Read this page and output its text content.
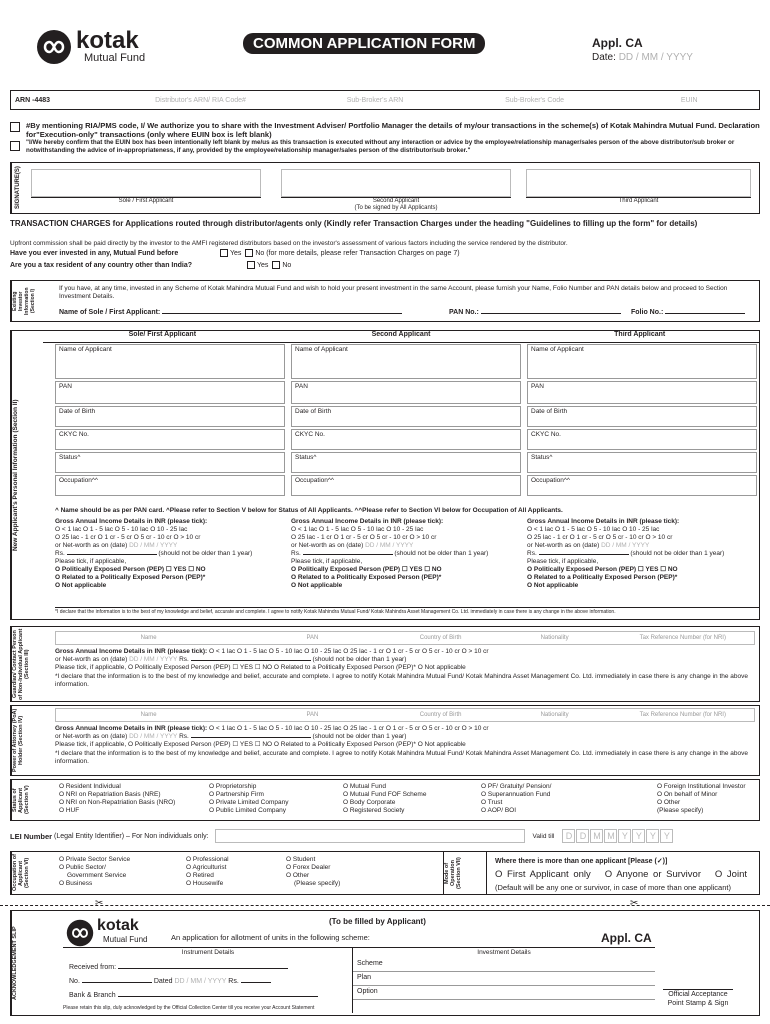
kotak
Mutual Fund
COMMON APPLICATION FORM	Appl. CA
Date: DD / MM / YYYY
ARN -4483	Distributor's ARN/ RIA Code#	Sub-Broker's ARN	Sub-Broker's Code	EUIN
#By mentioning RIA/PMS code, I/ We authorize you to share with the Investment Adviser/ Portfolio Manager the details of my/our transactions in the scheme(s) of Kotak Mahindra Mutual Fund. Declaration for"Execution-only" transactions (only where EUIN box is left blank)
"I/We hereby confirm that the EUIN box has been intentionally left blank by me/us as this transaction is executed without any interaction or advice by the employee/relationship manager/sales person of the above distributor/sub broker or notwithstanding the advice of in-appropriateness, if any, provided by the employee/relationship manager/sales person of the distributor/sub broker."
SIGNATURE(S)	Sole / First Applicant	Second Applicant
(To be signed by All Applicants)
Third Applicant
TRANSACTION CHARGES for Applications routed through distributor/agents only (Kindly refer Transaction Charges under the heading "Guidelines to filling up the form" for details)
Upfront commission shall be paid directly by the investor to the AMFI registered distributors based on the investor's assessment of various factors including the service rendered by the distributor.
Have you ever invested in any, Mutual Fund before	Yes No (for more details, please refer Transaction Charges on page 7)
Are you a tax resident of any country other than India?	Yes No
Existing Investor Information (Section I)
If you have, at any time, invested in any Scheme of Kotak Mahindra Mutual Fund and wish to hold your present investment in the same Account, please furnish your Name, Folio Number and PAN details below and proceed to Section Investment Details.
Name of Sole / First Applicant:	PAN No.:	Folio No.:
New Applicant's Personal Information (Section II)
Sole/ First Applicant	Second Applicant	Third Applicant
Name of Applicant	Name of Applicant	Name of Applicant
PAN	PAN	PAN
Date of Birth	Date of Birth	Date of Birth
CKYC No.	CKYC No.	CKYC No.
Status^	Status^	Status^
Occupation^^	Occupation^^	Occupation^^
^ Name should be as per PAN card. ^Please refer to Section V below for Status of All Applicants. ^^Please refer to Section VI below for Occupation of All Applicants.
Gross Annual Income Details in INR (please tick):
O < 1 lac O 1 - 5 lac O 5 - 10 lac O 10 - 25 lac
O 25 lac - 1 cr O 1 cr - 5 cr O 5 cr - 10 cr O > 10 cr
or Net-worth as on (date) DD / MM / YYYY
Rs.	(should not be older than 1 year)
Please tick, if applicable,
O Politically Exposed Person (PEP) ☐ YES ☐ NO
O Related to a Politically Exposed Person (PEP)*
O Not applicable
Gross Annual Income Details in INR (please tick):
O < 1 lac O 1 - 5 lac O 5 - 10 lac O 10 - 25 lac
O 25 lac - 1 cr O 1 cr - 5 cr O 5 cr - 10 cr O > 10 cr
or Net-worth as on (date) DD / MM / YYYY
Rs.	(should not be older than 1 year)
Please tick, if applicable,
O Politically Exposed Person (PEP) ☐ YES ☐ NO
O Related to a Politically Exposed Person (PEP)*
O Not applicable
Gross Annual Income Details in INR (please tick):
O < 1 lac O 1 - 5 lac O 5 - 10 lac O 10 - 25 lac
O 25 lac - 1 cr O 1 cr - 5 cr O 5 cr - 10 cr O > 10 cr
or Net-worth as on (date) DD / MM / YYYY
Rs.	(should not be older than 1 year)
Please tick, if applicable,
O Politically Exposed Person (PEP) ☐ YES ☐ NO
O Related to a Politically Exposed Person (PEP)*
O Not applicable
*I declare that the information is to the best of my knowledge and belief, accurate and complete. I agree to notify Kotak Mahindra Mutual Fund/ Kotak Mahindra Asset Management Co. Ltd. immediately in case there is any change in the above information.
Guardian/ Contact Person of Non-Individual Applicant (Section III)
Name	PAN	Country of Birth	Nationality	Tax Reference Number (for NRI)
Gross Annual Income Details in INR (please tick): O < 1 lac O 1 - 5 lac O 5 - 10 lac O 10 - 25 lac O 25 lac - 1 cr O 1 cr - 5 cr O 5 cr - 10 cr O > 10 cr
or Net-worth as on (date) DD / MM / YYYY Rs.	(should not be older than 1 year)
Please tick, if applicable, O Politically Exposed Person (PEP) ☐ YES ☐ NO O Related to a Politically Exposed Person (PEP)* O Not applicable
*I declare that the information is to the best of my knowledge and belief, accurate and complete. I agree to notify Kotak Mahindra Mutual Fund/ Kotak Mahindra Asset Management Co. Ltd. immediately in case there is any change in the above information.
Power of Attorney (PoA) Holder (Section IV)
Name	PAN	Country of Birth	Nationality	Tax Reference Number (for NRI)
Gross Annual Income Details in INR (please tick): O < 1 lac O 1 - 5 lac O 5 - 10 lac O 10 - 25 lac O 25 lac - 1 cr O 1 cr - 5 cr O 5 cr - 10 cr O > 10 cr
or Net-worth as on (date) DD / MM / YYYY Rs.	(should not be older than 1 year)
Please tick, if applicable, O Politically Exposed Person (PEP) ☐ YES ☐ NO O Related to a Politically Exposed Person (PEP)* O Not applicable
*I declare that the information is to the best of my knowledge and belief, accurate and complete. I agree to notify Kotak Mahindra Mutual Fund/ Kotak Mahindra Asset Management Co. Ltd. immediately in case there is any change in the above information.
Status of Applicant (Section V)	O Resident Individual
O NRI on Repatriation Basis (NRE)
O NRI on Non-Repatriation Basis (NRO)
O HUF
O Proprietorship
O Partnership Firm
O Private Limited Company
O Public Limited Company
O Mutual Fund
O Mutual Fund FOF Scheme
O Body Corporate
O Registered Society
O PF/ Gratuity/ Pension/
O Superannuation Fund
O Trust
O AOP/ BOI
O Foreign Institutional Investor
O On behalf of Minor
O Other
(Please specify)
LEI Number
(Legal Entity Identifier) – For Non individuals only:	Valid till	D D M M Y Y Y Y
Occupation of Applicant (Section VI)	O Private Sector Service
O Public Sector/
Government Service
O Business
O Professional
O Agriculturist
O Retired
O Housewife
O Student
O Forex Dealer
O Other
(Please specify)	Mode of Operation (Section VII)	Where there is more than one applicant [Please (✓)]
O First Applicant only O Anyone or Survivor O Joint
(Default will be any one or survivor, in case of more than one applicant)
✂	✂
ACKNOWLEDGEMENT SLIP
kotak
Mutual Fund
(To be filled by Applicant)
An application for allotment of units in the following scheme:	Appl. CA
Instrument Details
Received from:
No.	Dated DD / MM / YYYY Rs.
Bank & Branch
Please retain this slip, duly acknowledged by the Official Collection Center till you receive your Account Statement
Investment Details
Scheme
Plan
Option	Official Acceptance Point Stamp & Sign
